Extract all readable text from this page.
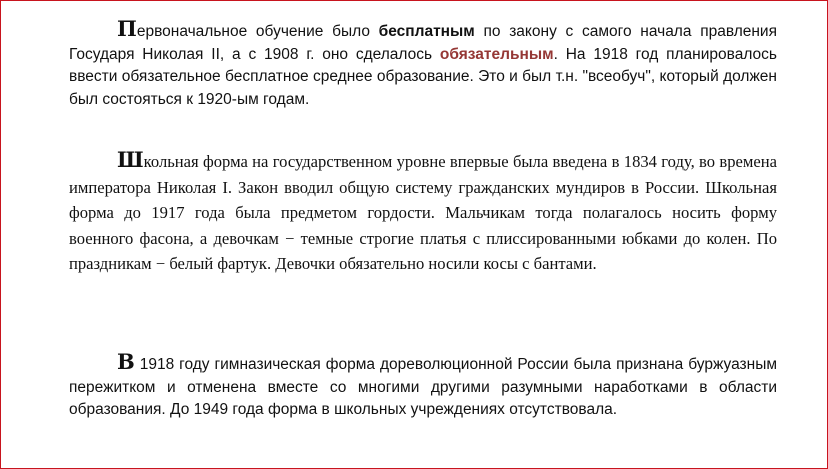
Первоначальное обучение было бесплатным по закону с самого начала правления Государя Николая II, а с 1908 г. оно сделалось обязательным. На 1918 год планировалось ввести обязательное бесплатное среднее образование. Это и был т.н. "всеобуч", который должен был состояться к 1920-ым годам.

Школьная форма на государственном уровне впервые была введена в 1834 году, во времена императора Николая I. Закон вводил общую систему гражданских мундиров в России. Школьная форма до 1917 года была предметом гордости. Мальчикам тогда полагалось носить форму военного фасона, а девочкам − темные строгие платья с плиссированными юбками до колен. По праздникам − белый фартук. Девочки обязательно носили косы с бантами.

В 1918 году гимназическая форма дореволюционной России была признана буржуазным пережитком и отменена вместе со многими другими разумными наработками в области образования. До 1949 года форма в школьных учреждениях отсутствовала.
